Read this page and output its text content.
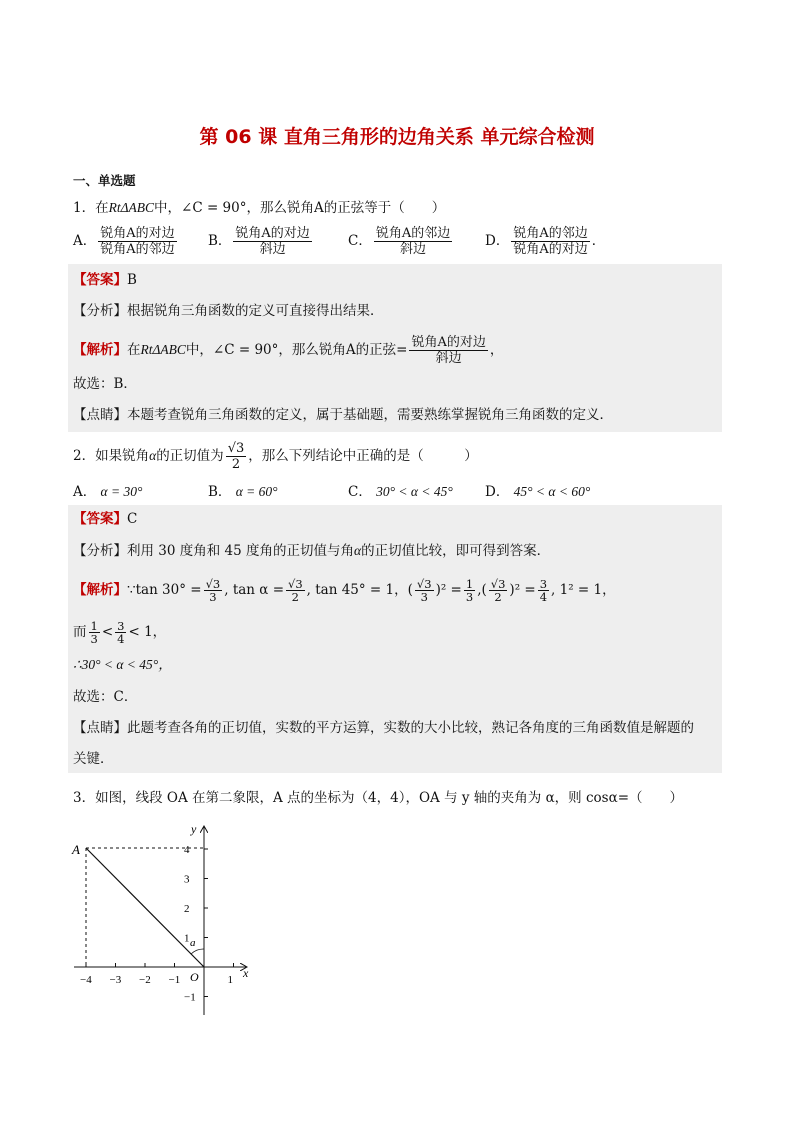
第 06 课 直角三角形的边角关系 单元综合检测
一、单选题
1．在RtΔABC中，∠C = 90°，那么锐角A的正弦等于（　　）
A． $\frac{\text{锐角A的对边}}{\text{锐角A的邻边}}$ B． $\frac{\text{锐角A的对边}}{\text{斜边}}$	C． $\frac{\text{锐角A的邻边}}{\text{斜边}}$ D． $\frac{\text{锐角A的邻边}}{\text{锐角A的对边}}$ ．
【答案】B
【分析】根据锐角三角函数的定义可直接得出结果．
【解析】在RtΔABC中，∠C = 90°，那么锐角A的正弦= $\frac{\text{锐角A的对边}}{\text{斜边}}$ ，
故选：B．
【点睛】本题考查锐角三角函数的定义，属于基础题，需要熟练掌握锐角三角函数的定义．
2．如果锐角α的正切值为 $\frac{√3}{2}$ ，那么下列结论中正确的是（　　　）
A． α = 30°	B． α = 60°	C． 30° < α < 45° D． 45° < α < 60°
【答案】C
【分析】利用 30 度角和 45 度角的正切值与角α的正切值比较，即可得到答案．
【解析】∵tan $30^\circ = \frac{√3}{3}$ , $\tan \alpha = \frac{√3}{2}$ , tan 45° = 1，( $\frac{√3}{3} )^2 = \frac{1}{3}$ ,( $\frac{√3}{2} )^2 = \frac{3}{4}$ , 1² = 1，
而 $\frac{1}{3} < \frac{3}{4} < 1$，
∴30° < α < 45°，
故选：C．
【点睛】此题考查各角的正切值，实数的平方运算，实数的大小比较，熟记各角度的三角函数值是解题的
关键．
3．如图，线段 OA 在第二象限，A 点的坐标为（4，4），OA 与 y 轴的夹角为 α，则 cosα=（　　）
A
O	x
y
a
−4 −3 −2 −1	1
4
3
2
1
−1
